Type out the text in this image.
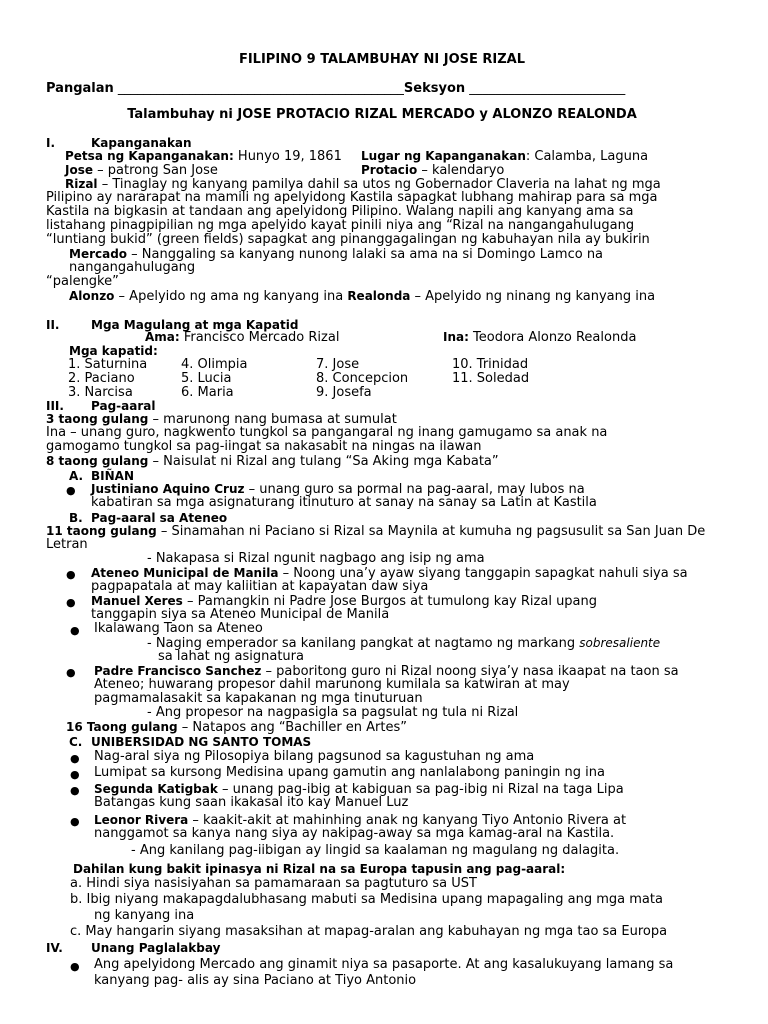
FILIPINO 9 TALAMBUHAY NI JOSE RIZAL
Pangalan ____________________________________________Seksyon ________________________
Talambuhay ni JOSE PROTACIO RIZAL MERCADO y ALONZO REALONDA
I.	Kapanganakan
Petsa ng Kapanganakan: Hunyo 19, 1861 Lugar ng Kapanganakan: Calamba, Laguna
Jose – patrong San Jose	Protacio – kalendaryo
Rizal – Tinaglay ng kanyang pamilya dahil sa utos ng Gobernador Claveria na lahat ng mga
Pilipino ay nararapat na mamili ng apelyidong Kastila sapagkat lubhang mahirap para sa mga
Kastila na bigkasin at tandaan ang apelyidong Pilipino. Walang napili ang kanyang ama sa
listahang pinagpipilian ng mga apelyido kayat pinili niya ang “Rizal na nangangahulugang
“luntiang bukid” (green fields) sapagkat ang pinanggagalingan ng kabuhayan nila ay bukirin
Mercado – Nanggaling sa kanyang nunong lalaki sa ama na si Domingo Lamco na
nangangahulugang
“palengke”
Alonzo – Apelyido ng ama ng kanyang ina Realonda – Apelyido ng ninang ng kanyang ina
II.	Mga Magulang at mga Kapatid
Ama: Francisco Mercado Rizal	Ina: Teodora Alonzo Realonda
Mga kapatid:
1. Saturnina	4. Olimpia	7. Jose	10. Trinidad
2. Paciano	5. Lucia	8. Concepcion	11. Soledad
3. Narcisa	6. Maria	9. Josefa
III. Pag-aaral
3 taong gulang – marunong nang bumasa at sumulat
Ina – unang guro, nagkwento tungkol sa pangangaral ng inang gamugamo sa anak na
gamogamo tungkol sa pag-iingat sa nakasabit na ningas na ilawan
8 taong gulang – Naisulat ni Rizal ang tulang “Sa Aking mga Kabata”
A. BIÑAN
● Justiniano Aquino Cruz – unang guro sa pormal na pag-aaral, may lubos na
kabatiran sa mga asignaturang itinuturo at sanay na sanay sa Latin at Kastila
B. Pag-aaral sa Ateneo
11 taong gulang – Sinamahan ni Paciano si Rizal sa Maynila at kumuha ng pagsusulit sa San Juan De
Letran
- Nakapasa si Rizal ngunit nagbago ang isip ng ama
● Ateneo Municipal de Manila – Noong una’y ayaw siyang tanggapin sapagkat nahuli siya sa
pagpapatala at may kaliitian at kapayatan daw siya
● Manuel Xeres – Pamangkin ni Padre Jose Burgos at tumulong kay Rizal upang
tanggapin siya sa Ateneo Municipal de Manila
● Ikalawang Taon sa Ateneo
- Naging emperador sa kanilang pangkat at nagtamo ng markang sobresaliente
sa lahat ng asignatura
● Padre Francisco Sanchez – paboritong guro ni Rizal noong siya’y nasa ikaapat na taon sa
Ateneo; huwarang propesor dahil marunong kumilala sa katwiran at may
pagmamalasakit sa kapakanan ng mga tinuturuan
- Ang propesor na nagpasigla sa pagsulat ng tula ni Rizal
16 Taong gulang – Natapos ang “Bachiller en Artes”
C. UNIBERSIDAD NG SANTO TOMAS
● Nag-aral siya ng Pilosopiya bilang pagsunod sa kagustuhan ng ama
● Lumipat sa kursong Medisina upang gamutin ang nanlalabong paningin ng ina
● Segunda Katigbak – unang pag-ibig at kabiguan sa pag-ibig ni Rizal na taga Lipa
Batangas kung saan ikakasal ito kay Manuel Luz
● Leonor Rivera – kaakit-akit at mahinhing anak ng kanyang Tiyo Antonio Rivera at
nanggamot sa kanya nang siya ay nakipag-away sa mga kamag-aral na Kastila.
- Ang kanilang pag-iibigan ay lingid sa kaalaman ng magulang ng dalagita.
Dahilan kung bakit ipinasya ni Rizal na sa Europa tapusin ang pag-aaral:
a. Hindi siya nasisiyahan sa pamamaraan sa pagtuturo sa UST
b. Ibig niyang makapagdalubhasang mabuti sa Medisina upang mapagaling ang mga mata
ng kanyang ina
c. May hangarin siyang masaksihan at mapag-aralan ang kabuhayan ng mga tao sa Europa
IV. Unang Paglalakbay
● Ang apelyidong Mercado ang ginamit niya sa pasaporte. At ang kasalukuyang lamang sa
kanyang pag- alis ay sina Paciano at Tiyo Antonio
